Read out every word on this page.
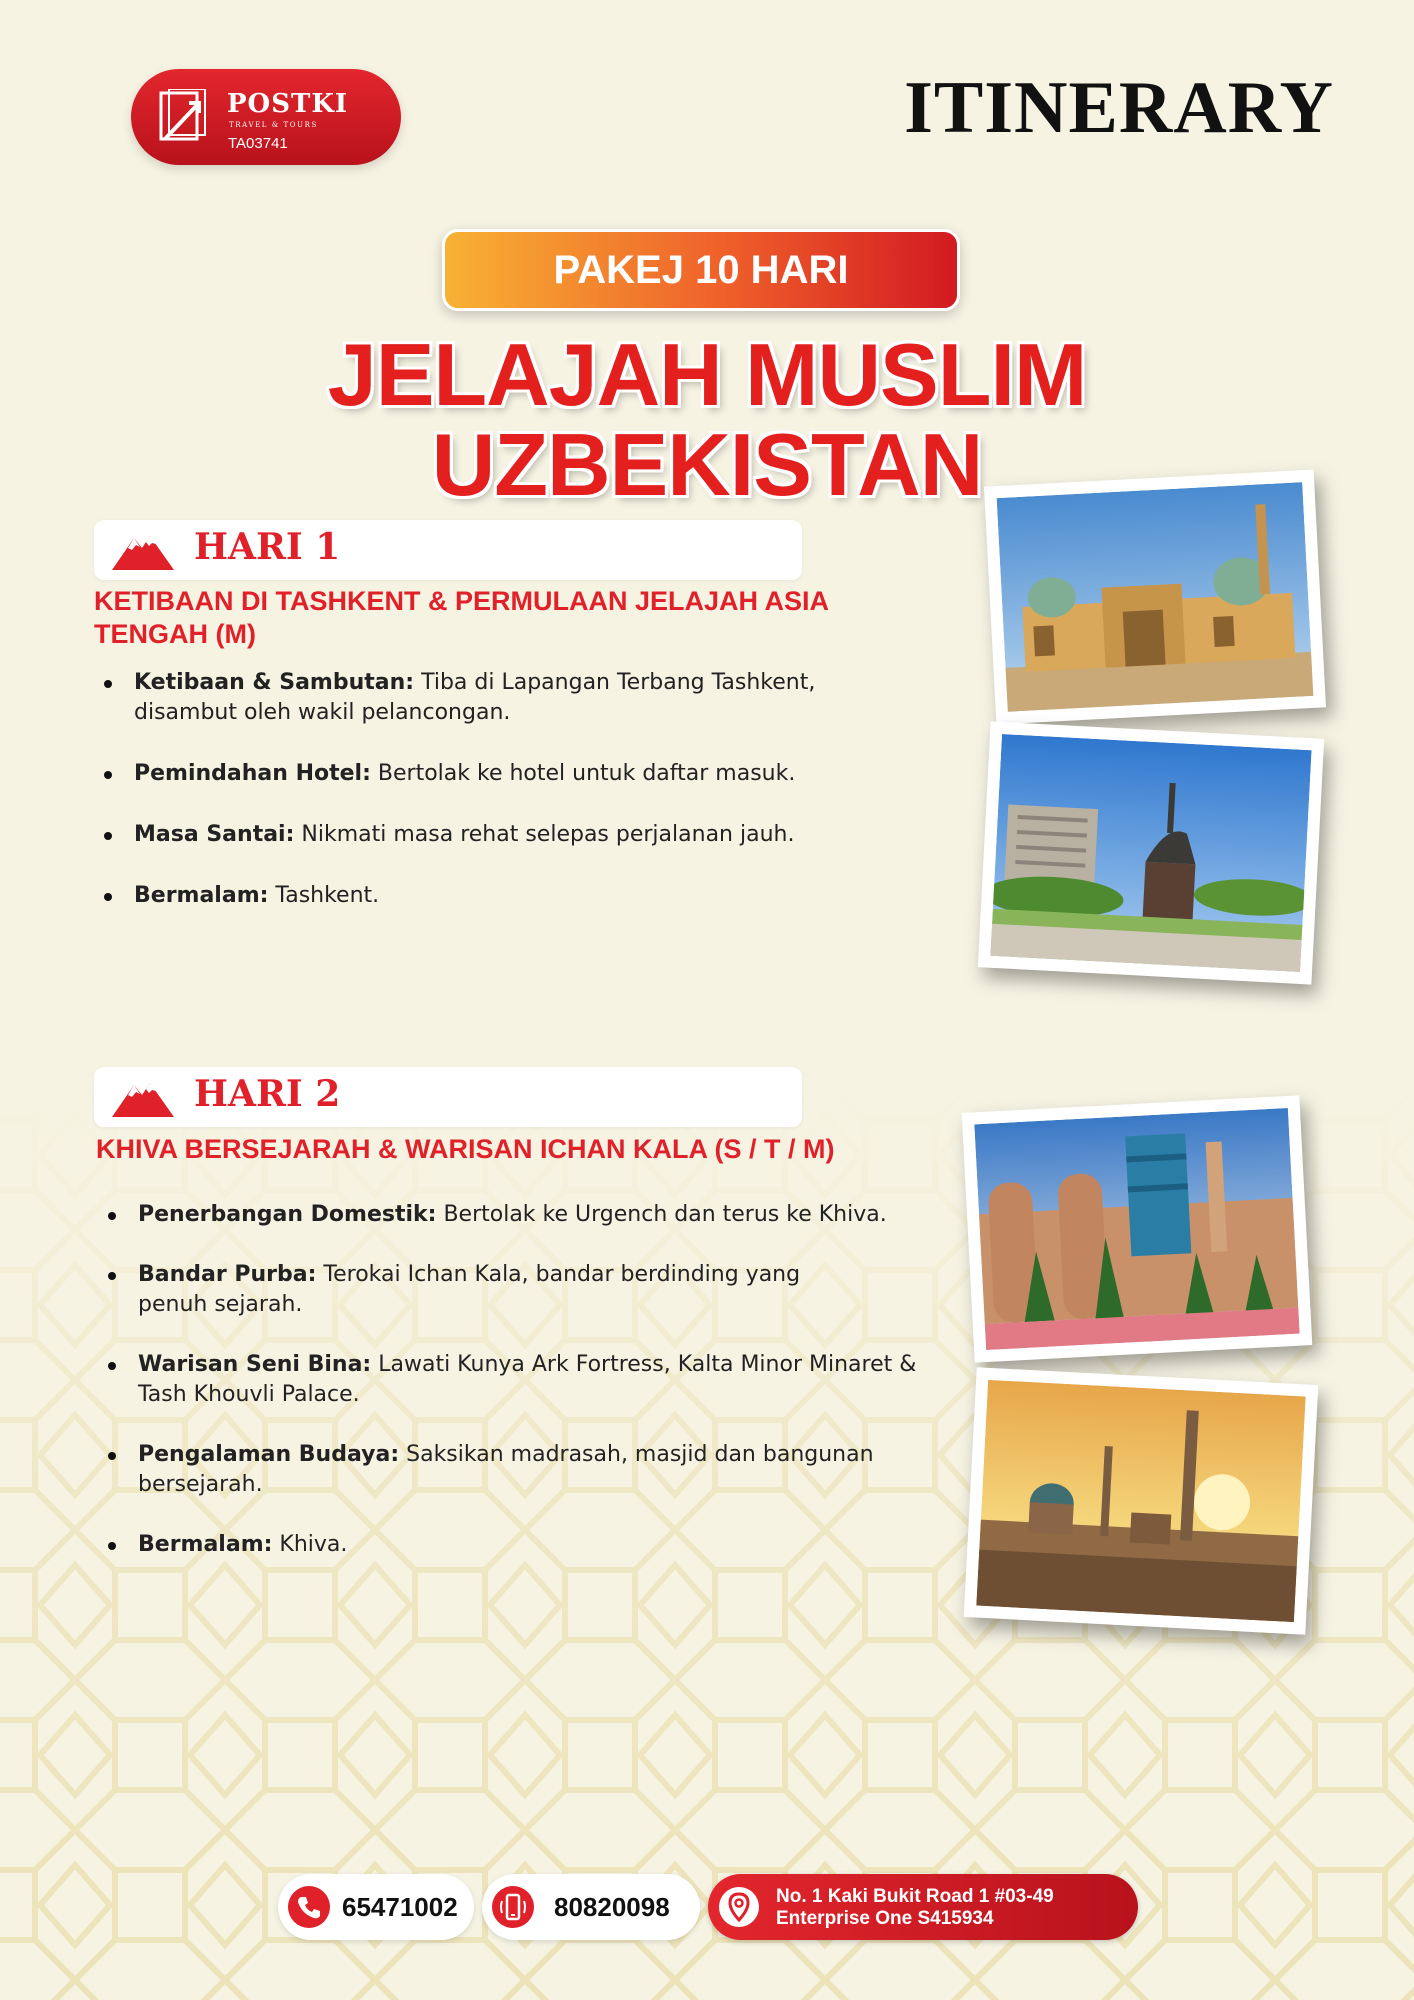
POSTKI
TRAVEL & TOURS
TA03741	ITINERARY
PAKEJ 10 HARI
JELAJAH MUSLIM
UZBEKISTAN
HARI 1
KETIBAAN DI TASHKENT & PERMULAAN JELAJAH ASIA
TENGAH (M)
Ketibaan & Sambutan: Tiba di Lapangan Terbang Tashkent, disambut oleh wakil pelancongan.
Pemindahan Hotel: Bertolak ke hotel untuk daftar masuk.
Masa Santai: Nikmati masa rehat selepas perjalanan jauh.
Bermalam: Tashkent.
HARI 2
KHIVA BERSEJARAH & WARISAN ICHAN KALA (S / T / M)
Penerbangan Domestik: Bertolak ke Urgench dan terus ke Khiva.
Bandar Purba: Terokai Ichan Kala, bandar berdinding yang penuh sejarah.
Warisan Seni Bina: Lawati Kunya Ark Fortress, Kalta Minor Minaret & Tash Khouvli Palace.
Pengalaman Budaya: Saksikan madrasah, masjid dan bangunan bersejarah.
Bermalam: Khiva.
65471002	80820098	No. 1 Kaki Bukit Road 1 #03-49
Enterprise One S415934
